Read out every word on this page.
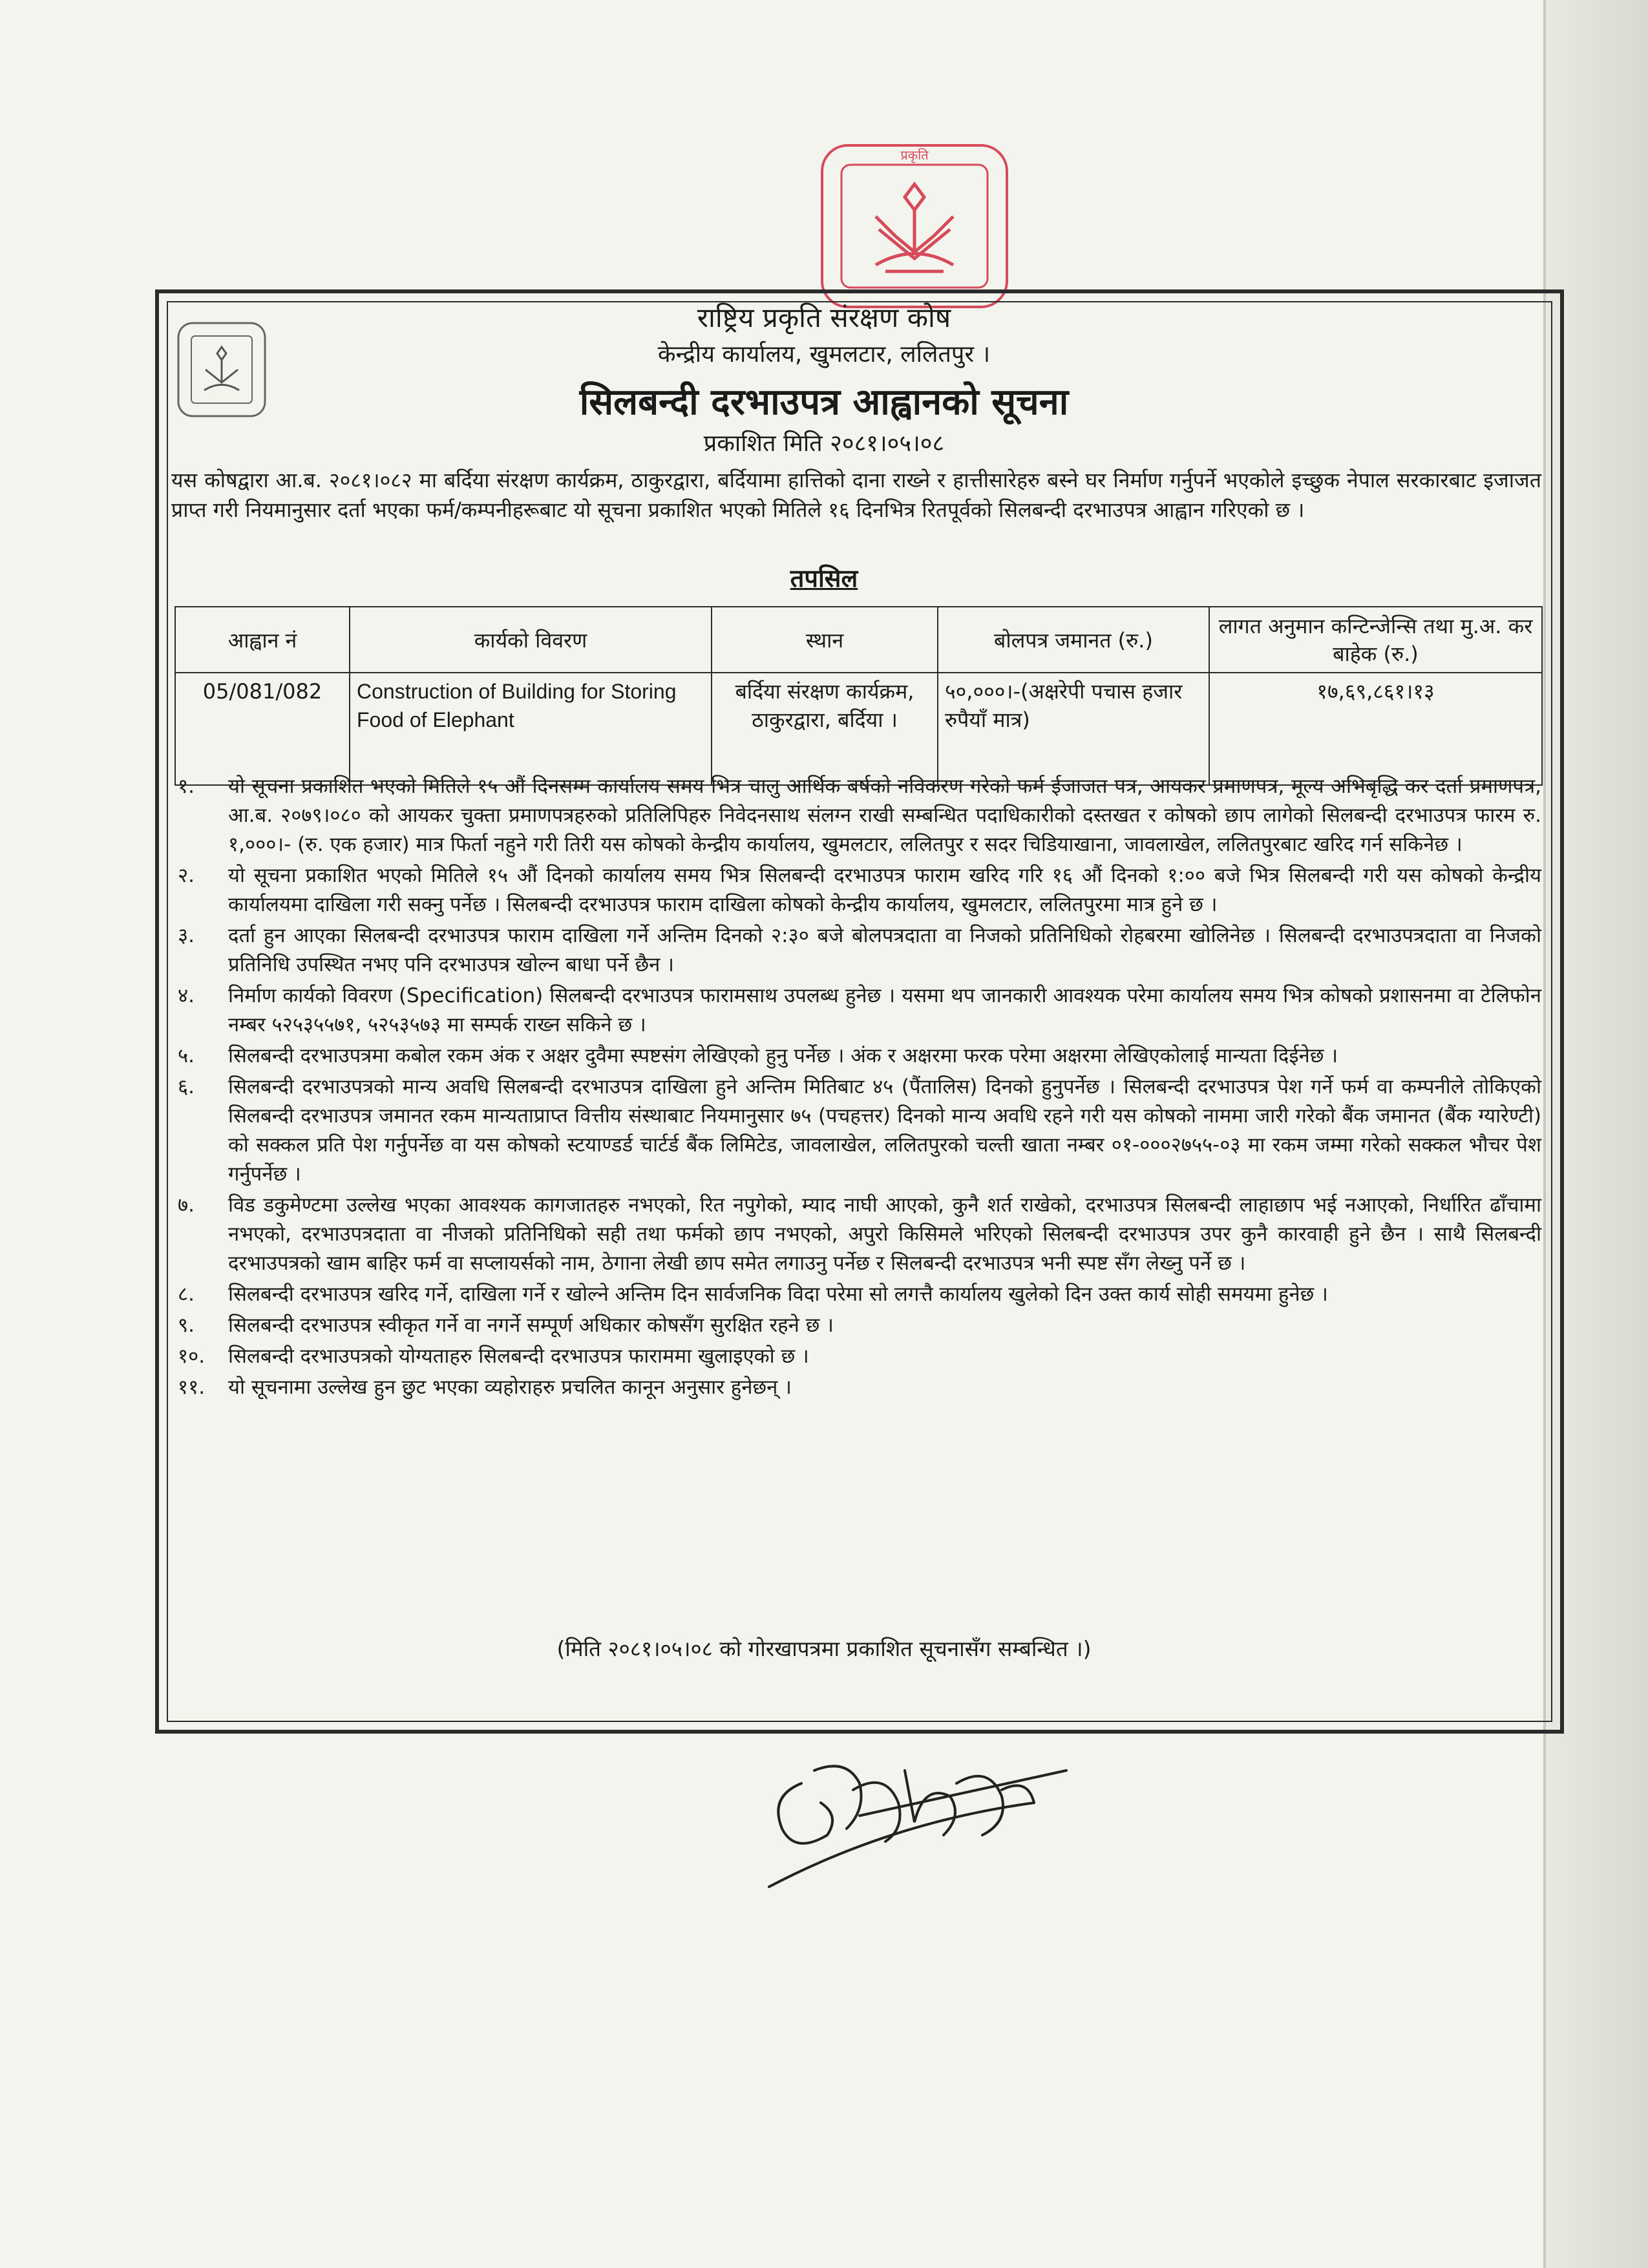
प्रकृति
राष्ट्रिय प्रकृति संरक्षण कोष
केन्द्रीय कार्यालय, खुमलटार, ललितपुर ।
सिलबन्दी दरभाउपत्र आह्वानको सूचना
प्रकाशित मिति २०८१।०५।०८
यस कोषद्वारा आ.ब. २०८१।०८२ मा बर्दिया संरक्षण कार्यक्रम, ठाकुरद्वारा, बर्दियामा हात्तिको दाना राख्ने र हात्तीसारेहरु बस्ने घर निर्माण गर्नुपर्ने भएकोले इच्छुक नेपाल सरकारबाट इजाजत प्राप्त गरी नियमानुसार दर्ता भएका फर्म/कम्पनीहरूबाट यो सूचना प्रकाशित भएको मितिले १६ दिनभित्र रितपूर्वको सिलबन्दी दरभाउपत्र आह्वान गरिएको छ ।
तपसिल
आह्वान नं	कार्यको विवरण	स्थान	बोलपत्र जमानत (रु.)	लागत अनुमान कन्टिन्जेन्सि तथा मु.अ. कर बाहेक (रु.)
05/081/082	Construction of Building for Storing Food of Elephant	बर्दिया संरक्षण कार्यक्रम, ठाकुरद्वारा, बर्दिया ।	५०,०००।-(अक्षरेपी पचास हजार रुपैयाँ मात्र)	१७,६९,८६१।१३
१. यो सूचना प्रकाशित भएको मितिले १५ औं दिनसम्म कार्यालय समय भित्र चालु आर्थिक बर्षको नविकरण गरेको फर्म ईजाजत पत्र, आयकर प्रमाणपत्र, मूल्य अभिबृद्धि कर दर्ता प्रमाणपत्र, आ.ब. २०७९।०८० को आयकर चुक्ता प्रमाणपत्रहरुको प्रतिलिपिहरु निवेदनसाथ संलग्न राखी सम्बन्धित पदाधिकारीको दस्तखत र कोषको छाप लागेको सिलबन्दी दरभाउपत्र फारम रु. १,०००।- (रु. एक हजार) मात्र फिर्ता नहुने गरी तिरी यस कोषको केन्द्रीय कार्यालय, खुमलटार, ललितपुर र सदर चिडियाखाना, जावलाखेल, ललितपुरबाट खरिद गर्न सकिनेछ ।
२. यो सूचना प्रकाशित भएको मितिले १५ औं दिनको कार्यालय समय भित्र सिलबन्दी दरभाउपत्र फाराम खरिद गरि १६ औं दिनको १:०० बजे भित्र सिलबन्दी गरी यस कोषको केन्द्रीय कार्यालयमा दाखिला गरी सक्नु पर्नेछ । सिलबन्दी दरभाउपत्र फाराम दाखिला कोषको केन्द्रीय कार्यालय, खुमलटार, ललितपुरमा मात्र हुने छ ।
३. दर्ता हुन आएका सिलबन्दी दरभाउपत्र फाराम दाखिला गर्ने अन्तिम दिनको २:३० बजे बोलपत्रदाता वा निजको प्रतिनिधिको रोहबरमा खोलिनेछ । सिलबन्दी दरभाउपत्रदाता वा निजको प्रतिनिधि उपस्थित नभए पनि दरभाउपत्र खोल्न बाधा पर्ने छैन ।
४. निर्माण कार्यको विवरण (Specification) सिलबन्दी दरभाउपत्र फारामसाथ उपलब्ध हुनेछ । यसमा थप जानकारी आवश्यक परेमा कार्यालय समय भित्र कोषको प्रशासनमा वा टेलिफोन नम्बर ५२५३५५७१, ५२५३५७३ मा सम्पर्क राख्न सकिने छ ।
५. सिलबन्दी दरभाउपत्रमा कबोल रकम अंक र अक्षर दुवैमा स्पष्टसंग लेखिएको हुनु पर्नेछ । अंक र अक्षरमा फरक परेमा अक्षरमा लेखिएकोलाई मान्यता दिईनेछ ।
६. सिलबन्दी दरभाउपत्रको मान्य अवधि सिलबन्दी दरभाउपत्र दाखिला हुने अन्तिम मितिबाट ४५ (पैंतालिस) दिनको हुनुपर्नेछ । सिलबन्दी दरभाउपत्र पेश गर्ने फर्म वा कम्पनीले तोकिएको सिलबन्दी दरभाउपत्र जमानत रकम मान्यताप्राप्त वित्तीय संस्थाबाट नियमानुसार ७५ (पचहत्तर) दिनको मान्य अवधि रहने गरी यस कोषको नाममा जारी गरेको बैंक जमानत (बैंक ग्यारेण्टी) को सक्कल प्रति पेश गर्नुपर्नेछ वा यस कोषको स्टयाण्डर्ड चार्टर्ड बैंक लिमिटेड, जावलाखेल, ललितपुरको चल्ती खाता नम्बर ०१-०००२७५५-०३ मा रकम जम्मा गरेको सक्कल भौचर पेश गर्नुपर्नेछ ।
७. विड डकुमेण्टमा उल्लेख भएका आवश्यक कागजातहरु नभएको, रित नपुगेको, म्याद नाघी आएको, कुनै शर्त राखेको, दरभाउपत्र सिलबन्दी लाहाछाप भई नआएको, निर्धारित ढाँचामा नभएको, दरभाउपत्रदाता वा नीजको प्रतिनिधिको सही तथा फर्मको छाप नभएको, अपुरो किसिमले भरिएको सिलबन्दी दरभाउपत्र उपर कुनै कारवाही हुने छैन । साथै सिलबन्दी दरभाउपत्रको खाम बाहिर फर्म वा सप्लायर्सको नाम, ठेगाना लेखी छाप समेत लगाउनु पर्नेछ र सिलबन्दी दरभाउपत्र भनी स्पष्ट सँग लेख्नु पर्ने छ ।
८. सिलबन्दी दरभाउपत्र खरिद गर्ने, दाखिला गर्ने र खोल्ने अन्तिम दिन सार्वजनिक विदा परेमा सो लगत्तै कार्यालय खुलेको दिन उक्त कार्य सोही समयमा हुनेछ ।
९. सिलबन्दी दरभाउपत्र स्वीकृत गर्ने वा नगर्ने सम्पूर्ण अधिकार कोषसँग सुरक्षित रहने छ ।
१०. सिलबन्दी दरभाउपत्रको योग्यताहरु सिलबन्दी दरभाउपत्र फाराममा खुलाइएको छ ।
११. यो सूचनामा उल्लेख हुन छुट भएका व्यहोराहरु प्रचलित कानून अनुसार हुनेछन् ।
(मिति २०८१।०५।०८ को गोरखापत्रमा प्रकाशित सूचनासँग सम्बन्धित ।)
